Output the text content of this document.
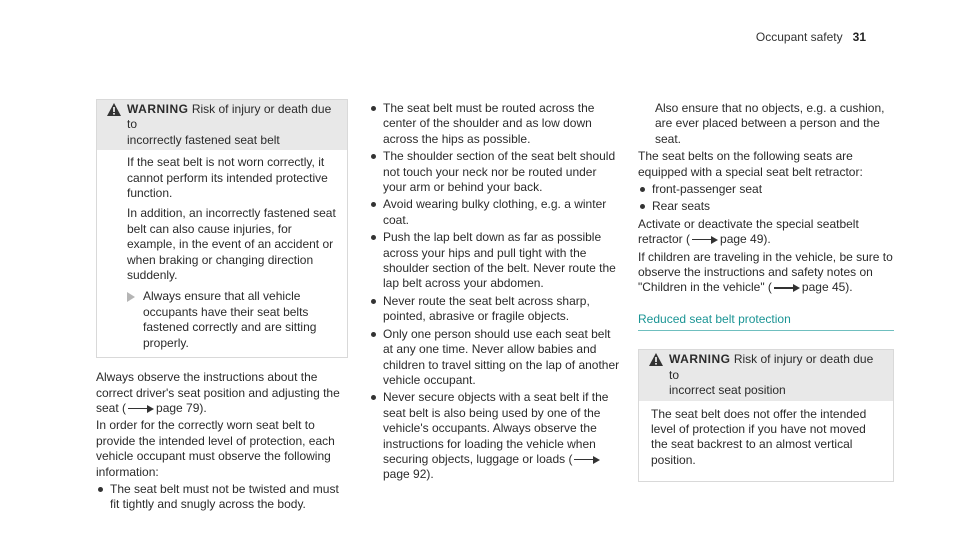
Occupant safety 31
WARNING Risk of injury or death due to
incorrectly fastened seat belt

If the seat belt is not worn correctly, it cannot perform its intended protective function.

In addition, an incorrectly fastened seat belt can also cause injuries, for example, in the event of an accident or when braking or changing direction suddenly.

Always ensure that all vehicle occupants have their seat belts fastened correctly and are sitting properly.

Always observe the instructions about the correct driver's seat position and adjusting the seat (	page 79).

In order for the correctly worn seat belt to provide the intended level of protection, each vehicle occupant must observe the following information:

The seat belt must not be twisted and must fit tightly and snugly across the body.
The seat belt must be routed across the center of the shoulder and as low down across the hips as possible.
The shoulder section of the seat belt should not touch your neck nor be routed under your arm or behind your back.
Avoid wearing bulky clothing, e.g. a winter coat.
Push the lap belt down as far as possible across your hips and pull tight with the shoulder section of the belt. Never route the lap belt across your abdomen.
Never route the seat belt across sharp, pointed, abrasive or fragile objects.
Only one person should use each seat belt at any one time. Never allow babies and children to travel sitting on the lap of another vehicle occupant.
Never secure objects with a seat belt if the seat belt is also being used by one of the vehicle's occupants. Always observe the instructions for loading the vehicle when securing objects, luggage or loads (page 92).

Also ensure that no objects, e.g. a cushion, are ever placed between a person and the seat.

The seat belts on the following seats are equipped with a special seat belt retractor:

front-passenger seat
Rear seats

Activate or deactivate the special seatbelt retractor (	page 49).

If children are traveling in the vehicle, be sure to observe the instructions and safety notes on "Children in the vehicle" (	page 45).

Reduced seat belt protection
WARNING Risk of injury or death due to
incorrect seat position

The seat belt does not offer the intended level of protection if you have not moved the seat backrest to an almost vertical position.
